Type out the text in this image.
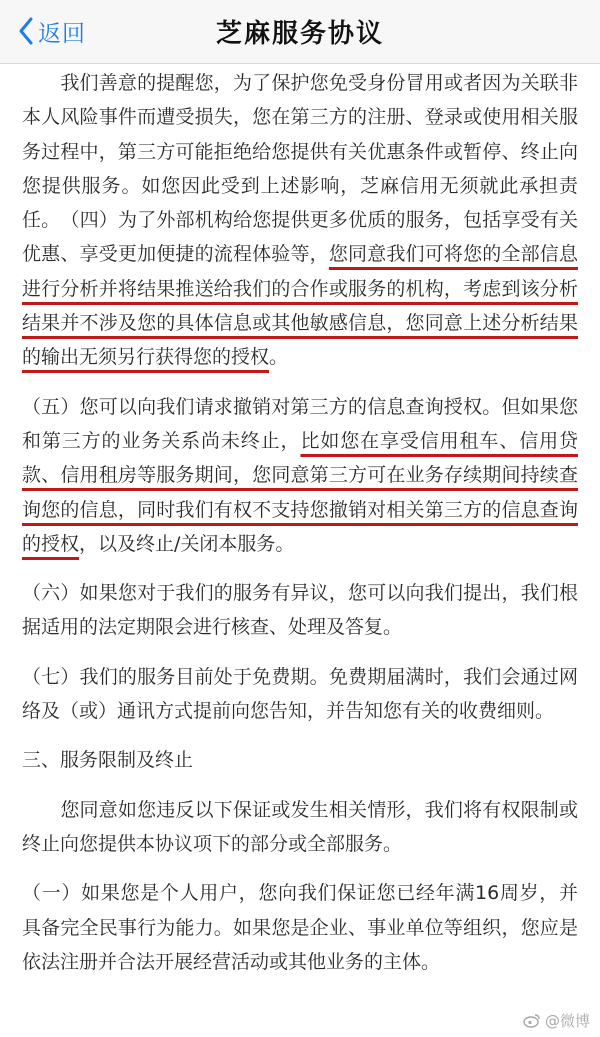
返回	芝麻服务协议

　　我们善意的提醒您，为了保护您免受身份冒用或者因为关联非本人风险事件而遭受损失，您在第三方的注册、登录或使用相关服务过程中，第三方可能拒绝给您提供有关优惠条件或暂停、终止向您提供服务。如您因此受到上述影响，芝麻信用无须就此承担责任。　（四）为了外部机构给您提供更多优质的服务，包括享受有关优惠、享受更加便捷的流程体验等，您同意我们可将您的全部信息进行分析并将结果推送给我们的合作或服务的机构，考虑到该分析结果并不涉及您的具体信息或其他敏感信息，您同意上述分析结果的输出无须另行获得您的授权。

（五）您可以向我们请求撤销对第三方的信息查询授权。但如果您和第三方的业务关系尚未终止，比如您在享受信用租车、信用贷款、信用租房等服务期间，您同意第三方可在业务存续期间持续查询您的信息，同时我们有权不支持您撤销对相关第三方的信息查询的授权，以及终止/关闭本服务。

（六）如果您对于我们的服务有异议，您可以向我们提出，我们根据适用的法定期限会进行核查、处理及答复。

（七）我们的服务目前处于免费期。免费期届满时，我们会通过网络及（或）通讯方式提前向您告知，并告知您有关的收费细则。

三、服务限制及终止

　　您同意如您违反以下保证或发生相关情形，我们将有权限制或终止向您提供本协议项下的部分或全部服务。

（一）如果您是个人用户，您向我们保证您已经年满16周岁，并具备完全民事行为能力。如果您是企业、事业单位等组织，您应是依法注册并合法开展经营活动或其他业务的主体。

@微博
